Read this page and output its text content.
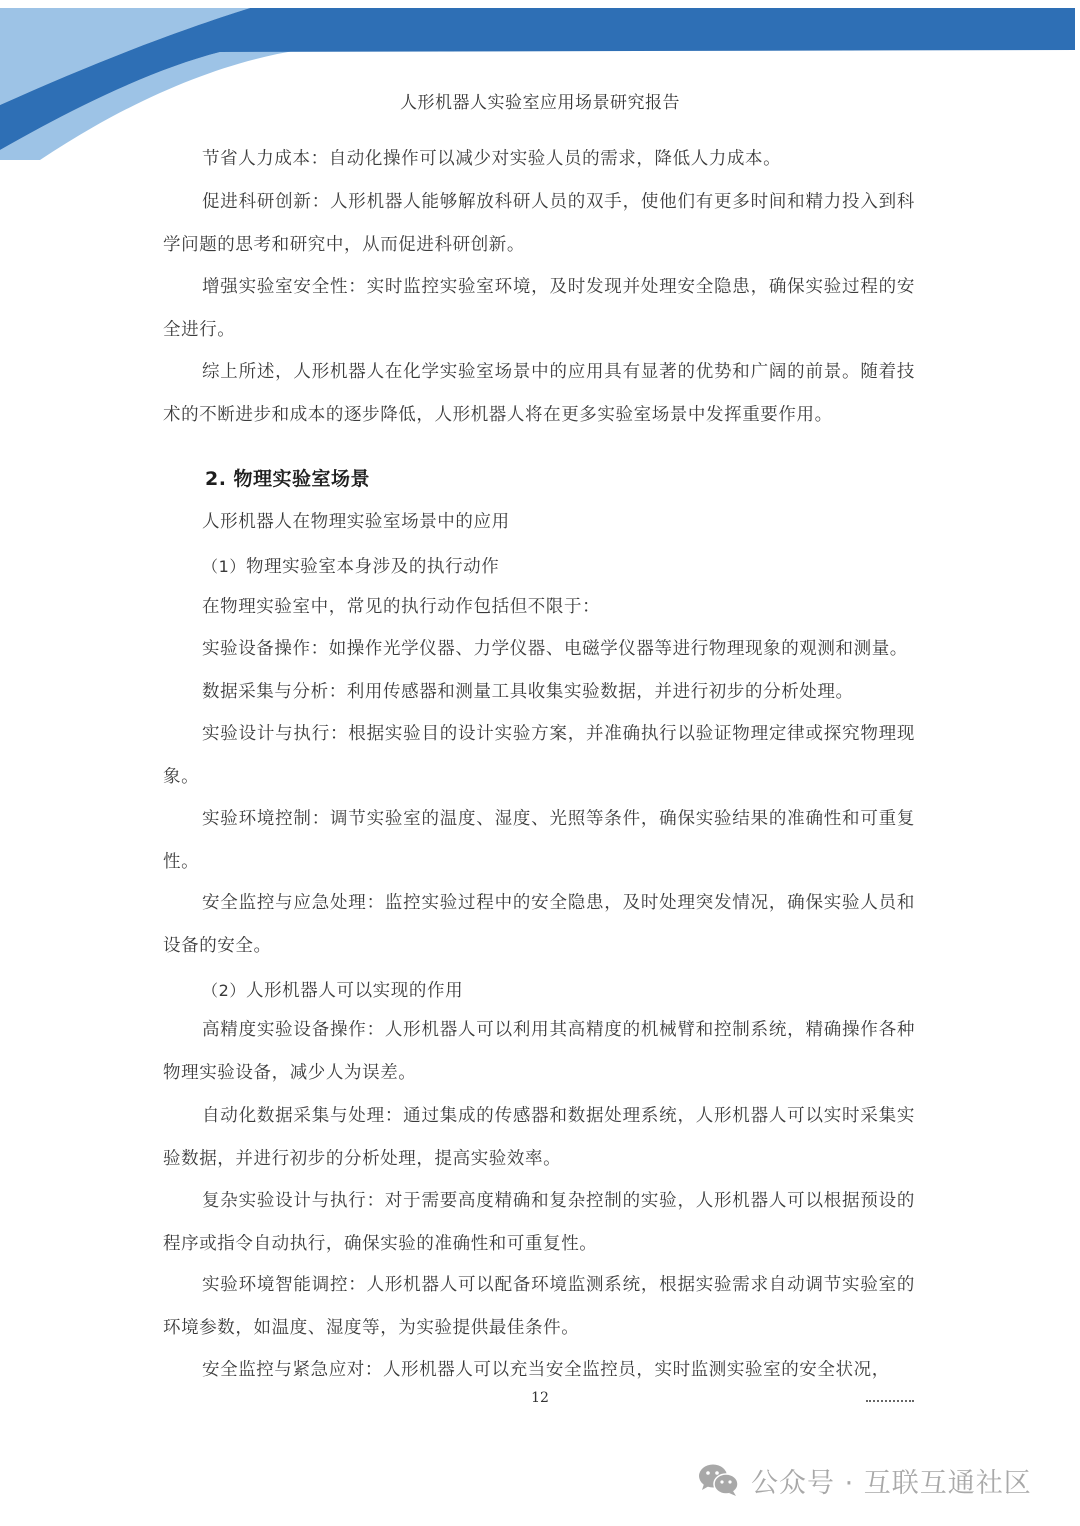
人形机器人实验室应用场景研究报告
节省人力成本：自动化操作可以减少对实验人员的需求，降低人力成本。
促进科研创新：人形机器人能够解放科研人员的双手，使他们有更多时间和精力投入到科学问题的思考和研究中，从而促进科研创新。
增强实验室安全性：实时监控实验室环境，及时发现并处理安全隐患，确保实验过程的安全进行。
综上所述，人形机器人在化学实验室场景中的应用具有显著的优势和广阔的前景。随着技术的不断进步和成本的逐步降低，人形机器人将在更多实验室场景中发挥重要作用。
2. 物理实验室场景
人形机器人在物理实验室场景中的应用
（1）物理实验室本身涉及的执行动作
在物理实验室中，常见的执行动作包括但不限于：
实验设备操作：如操作光学仪器、力学仪器、电磁学仪器等进行物理现象的观测和测量。
数据采集与分析：利用传感器和测量工具收集实验数据，并进行初步的分析处理。
实验设计与执行：根据实验目的设计实验方案，并准确执行以验证物理定律或探究物理现象。
实验环境控制：调节实验室的温度、湿度、光照等条件，确保实验结果的准确性和可重复性。
安全监控与应急处理：监控实验过程中的安全隐患，及时处理突发情况，确保实验人员和设备的安全。
（2）人形机器人可以实现的作用
高精度实验设备操作：人形机器人可以利用其高精度的机械臂和控制系统，精确操作各种物理实验设备，减少人为误差。
自动化数据采集与处理：通过集成的传感器和数据处理系统，人形机器人可以实时采集实验数据，并进行初步的分析处理，提高实验效率。
复杂实验设计与执行：对于需要高度精确和复杂控制的实验，人形机器人可以根据预设的程序或指令自动执行，确保实验的准确性和可重复性。
实验环境智能调控：人形机器人可以配备环境监测系统，根据实验需求自动调节实验室的环境参数，如温度、湿度等，为实验提供最佳条件。
安全监控与紧急应对：人形机器人可以充当安全监控员，实时监测实验室的安全状况，
12
公众号 · 互联互通社区
